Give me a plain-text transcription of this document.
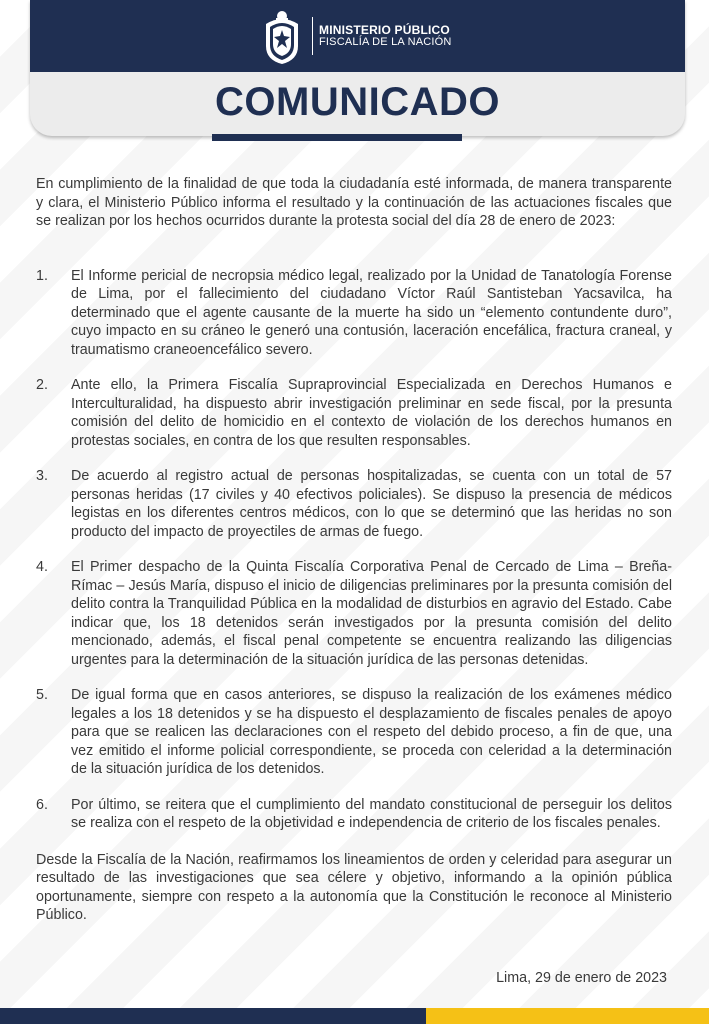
MINISTERIO PÚBLICO
FISCALÍA DE LA NACIÓN
COMUNICADO

En cumplimiento de la finalidad de que toda la ciudadanía esté informada, de manera transparente y clara, el Ministerio Público informa el resultado y la continuación de las actuaciones fiscales que se realizan por los hechos ocurridos durante la protesta social del día 28 de enero de 2023:

1.	El Informe pericial de necropsia médico legal, realizado por la Unidad de Tanatología Forense de Lima, por el fallecimiento del ciudadano Víctor Raúl Santisteban Yacsavilca, ha determinado que el agente causante de la muerte ha sido un “elemento contundente duro”, cuyo impacto en su cráneo le generó una contusión, laceración encefálica, fractura craneal, y traumatismo craneoencefálico severo.
2.	Ante ello, la Primera Fiscalía Supraprovincial Especializada en Derechos Humanos e Interculturalidad, ha dispuesto abrir investigación preliminar en sede fiscal, por la presunta comisión del delito de homicidio en el contexto de violación de los derechos humanos en protestas sociales, en contra de los que resulten responsables.
3.	De acuerdo al registro actual de personas hospitalizadas, se cuenta con un total de 57 personas heridas (17 civiles y 40 efectivos policiales). Se dispuso la presencia de médicos legistas en los diferentes centros médicos, con lo que se determinó que las heridas no son producto del impacto de proyectiles de armas de fuego.
4.	El Primer despacho de la Quinta Fiscalía Corporativa Penal de Cercado de Lima – Breña-Rímac – Jesús María, dispuso el inicio de diligencias preliminares por la presunta comisión del delito contra la Tranquilidad Pública en la modalidad de disturbios en agravio del Estado. Cabe indicar que, los 18 detenidos serán investigados por la presunta comisión del delito mencionado, además, el fiscal penal competente se encuentra realizando las diligencias urgentes para la determinación de la situación jurídica de las personas detenidas.
5.	De igual forma que en casos anteriores, se dispuso la realización de los exámenes médico legales a los 18 detenidos y se ha dispuesto el desplazamiento de fiscales penales de apoyo para que se realicen las declaraciones con el respeto del debido proceso, a fin de que, una vez emitido el informe policial correspondiente, se proceda con celeridad a la determinación de la situación jurídica de los detenidos.
6.	Por último, se reitera que el cumplimiento del mandato constitucional de perseguir los delitos se realiza con el respeto de la objetividad e independencia de criterio de los fiscales penales.

Desde la Fiscalía de la Nación, reafirmamos los lineamientos de orden y celeridad para asegurar un resultado de las investigaciones que sea célere y objetivo, informando a la opinión pública oportunamente, siempre con respeto a la autonomía que la Constitución le reconoce al Ministerio Público.

Lima, 29 de enero de 2023
